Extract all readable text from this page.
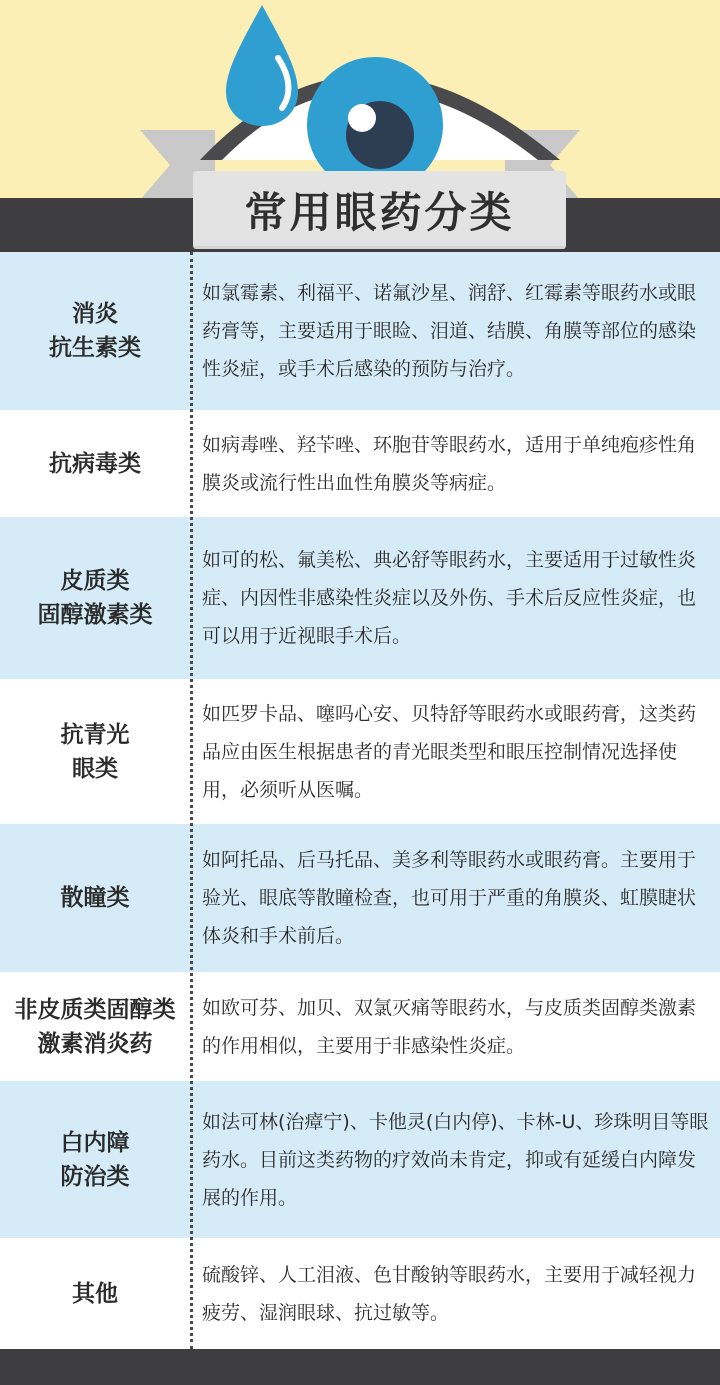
常用眼药分类
消炎
抗生素类
如氯霉素、利福平、诺氟沙星、润舒、红霉素等眼药水或眼药膏等，主要适用于眼睑、泪道、结膜、角膜等部位的感染性炎症，或手术后感染的预防与治疗。
抗病毒类
如病毒唑、羟苄唑、环胞苷等眼药水，适用于单纯疱疹性角膜炎或流行性出血性角膜炎等病症。
皮质类
固醇激素类
如可的松、氟美松、典必舒等眼药水，主要适用于过敏性炎症、内因性非感染性炎症以及外伤、手术后反应性炎症，也可以用于近视眼手术后。
抗青光
眼类
如匹罗卡品、噻吗心安、贝特舒等眼药水或眼药膏，这类药品应由医生根据患者的青光眼类型和眼压控制情况选择使用，必须听从医嘱。
散瞳类
如阿托品、后马托品、美多利等眼药水或眼药膏。主要用于验光、眼底等散瞳检查，也可用于严重的角膜炎、虹膜睫状体炎和手术前后。
非皮质类固醇类
激素消炎药
如欧可芬、加贝、双氯灭痛等眼药水，与皮质类固醇类激素的作用相似，主要用于非感染性炎症。
白内障
防治类
如法可林(治瘴宁)、卡他灵(白内停)、卡林-U、珍珠明目等眼药水。目前这类药物的疗效尚未肯定，抑或有延缓白内障发展的作用。
其他
硫酸锌、人工泪液、色甘酸钠等眼药水，主要用于减轻视力疲劳、湿润眼球、抗过敏等。
